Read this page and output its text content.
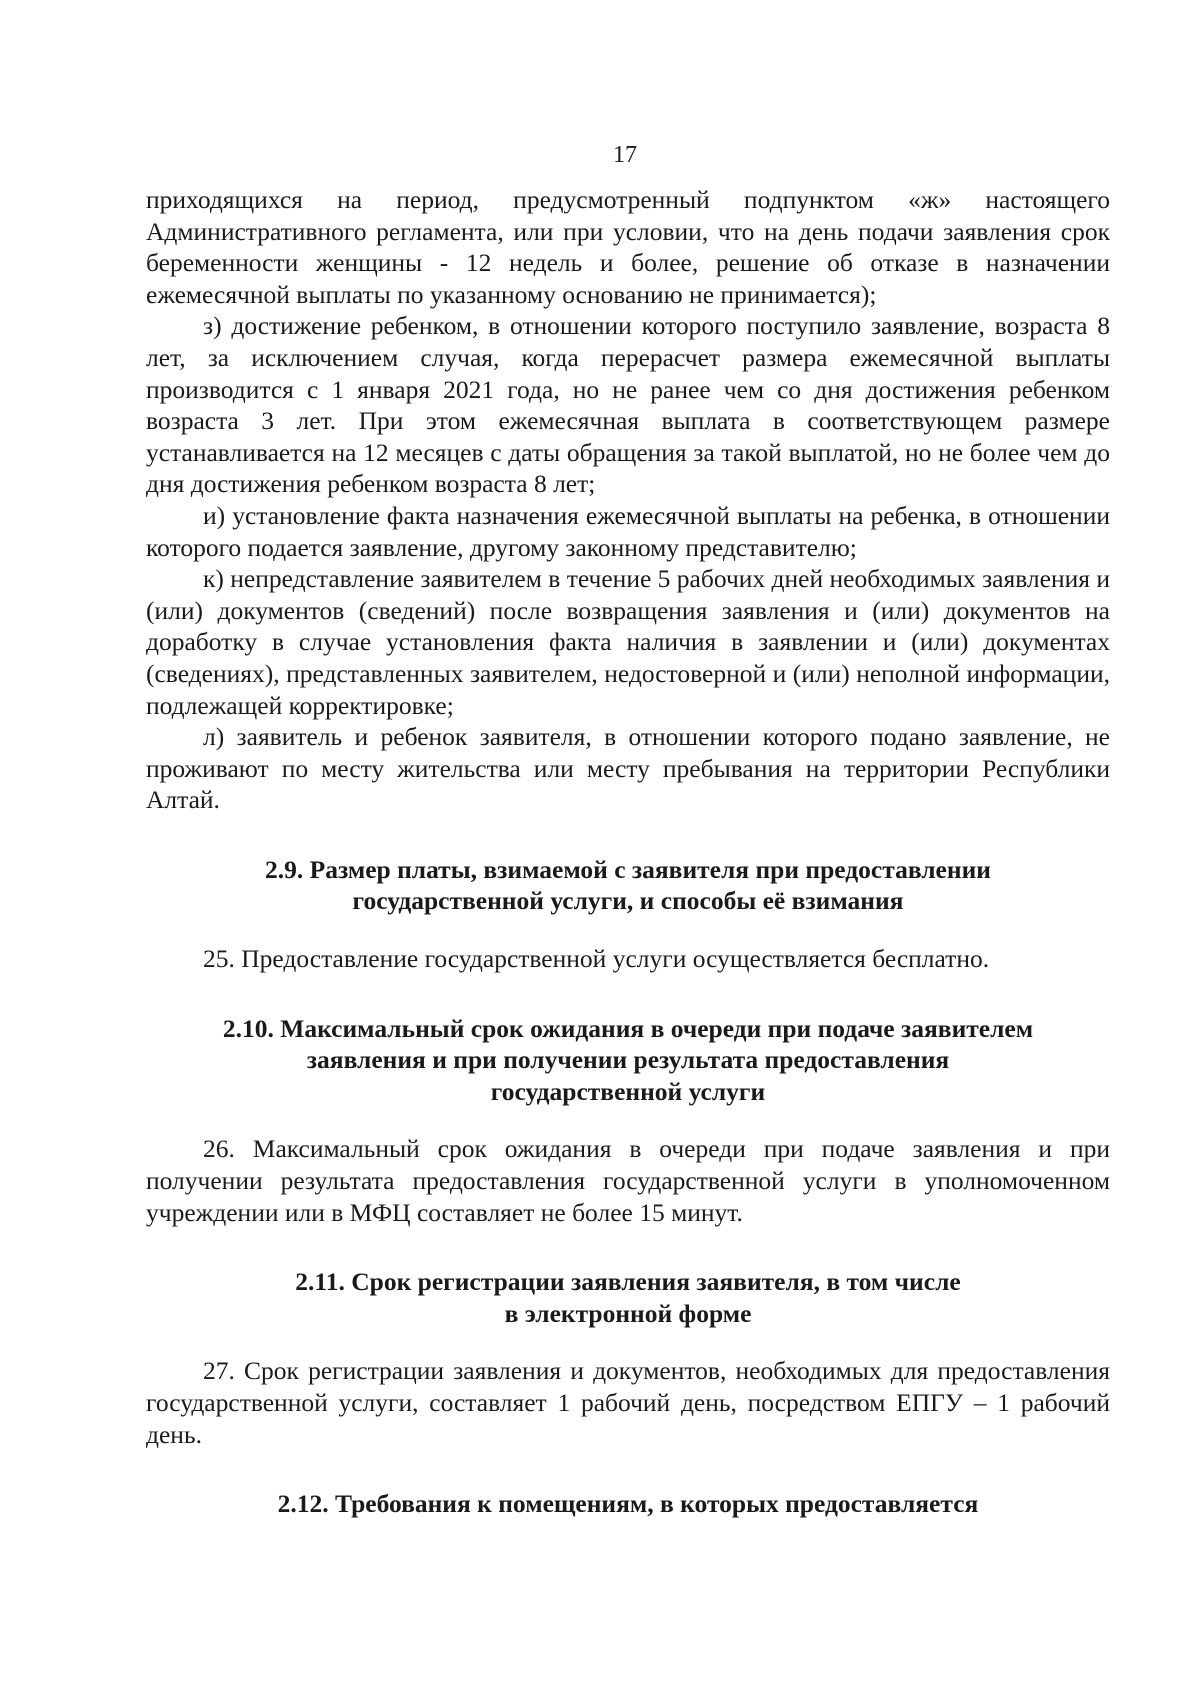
17

приходящихся на период, предусмотренный подпунктом «ж» настоящего Административного регламента, или при условии, что на день подачи заявления срок беременности женщины - 12 недель и более, решение об отказе в назначении ежемесячной выплаты по указанному основанию не принимается);

з) достижение ребенком, в отношении которого поступило заявление, возраста 8 лет, за исключением случая, когда перерасчет размера ежемесячной выплаты производится с 1 января 2021 года, но не ранее чем со дня достижения ребенком возраста 3 лет. При этом ежемесячная выплата в соответствующем размере устанавливается на 12 месяцев с даты обращения за такой выплатой, но не более чем до дня достижения ребенком возраста 8 лет;

и) установление факта назначения ежемесячной выплаты на ребенка, в отношении которого подается заявление, другому законному представителю;

к) непредставление заявителем в течение 5 рабочих дней необходимых заявления и (или) документов (сведений) после возвращения заявления и (или) документов на доработку в случае установления факта наличия в заявлении и (или) документах (сведениях), представленных заявителем, недостоверной и (или) неполной информации, подлежащей корректировке;

л) заявитель и ребенок заявителя, в отношении которого подано заявление, не проживают по месту жительства или месту пребывания на территории Республики Алтай.

2.9. Размер платы, взимаемой с заявителя при предоставлении
государственной услуги, и способы её взимания

25. Предоставление государственной услуги осуществляется бесплатно.

2.10. Максимальный срок ожидания в очереди при подаче заявителем
заявления и при получении результата предоставления
государственной услуги

26. Максимальный срок ожидания в очереди при подаче заявления и при получении результата предоставления государственной услуги в уполномоченном учреждении или в МФЦ составляет не более 15 минут.

2.11. Срок регистрации заявления заявителя, в том числе
в электронной форме

27. Срок регистрации заявления и документов, необходимых для предоставления государственной услуги, составляет 1 рабочий день, посредством ЕПГУ – 1 рабочий день.

2.12. Требования к помещениям, в которых предоставляется
